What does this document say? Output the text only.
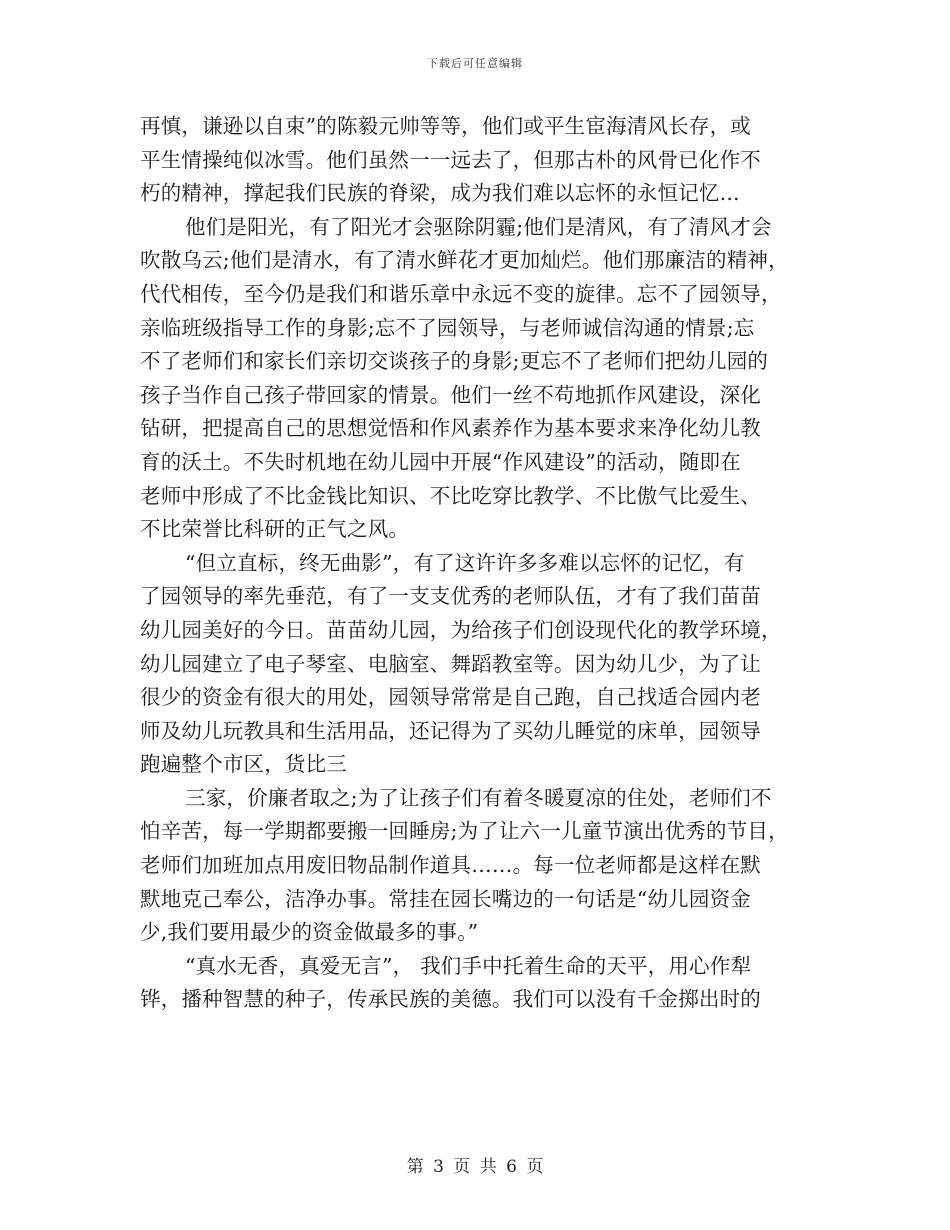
下载后可任意编辑
再慎，谦逊以自束”的陈毅元帅等等，他们或平生宦海清风长存，或
平生情操纯似冰雪。他们虽然一一远去了，但那古朴的风骨已化作不
朽的精神，撑起我们民族的脊梁，成为我们难以忘怀的永恒记忆...
他们是阳光，有了阳光才会驱除阴霾;他们是清风，有了清风才会
吹散乌云;他们是清水，有了清水鲜花才更加灿烂。他们那廉洁的精神，
代代相传，至今仍是我们和谐乐章中永远不变的旋律。忘不了园领导，
亲临班级指导工作的身影;忘不了园领导，与老师诚信沟通的情景;忘
不了老师们和家长们亲切交谈孩子的身影;更忘不了老师们把幼儿园的
孩子当作自己孩子带回家的情景。他们一丝不苟地抓作风建设，深化
钻研，把提高自己的思想觉悟和作风素养作为基本要求来净化幼儿教
育的沃土。不失时机地在幼儿园中开展“作风建设”的活动，随即在
老师中形成了不比金钱比知识、不比吃穿比教学、不比傲气比爱生、
不比荣誉比科研的正气之风。
“但立直标，终无曲影”，有了这许许多多难以忘怀的记忆，有
了园领导的率先垂范，有了一支支优秀的老师队伍，才有了我们苗苗
幼儿园美好的今日。苗苗幼儿园，为给孩子们创设现代化的教学环境，
幼儿园建立了电子琴室、电脑室、舞蹈教室等。因为幼儿少，为了让
很少的资金有很大的用处，园领导常常是自己跑，自己找适合园内老
师及幼儿玩教具和生活用品，还记得为了买幼儿睡觉的床单，园领导
跑遍整个市区，货比三
三家，价廉者取之;为了让孩子们有着冬暖夏凉的住处，老师们不
怕辛苦，每一学期都要搬一回睡房;为了让六一儿童节演出优秀的节目，
老师们加班加点用废旧物品制作道具……。每一位老师都是这样在默
默地克己奉公，洁净办事。常挂在园长嘴边的一句话是“幼儿园资金
少,我们要用最少的资金做最多的事。”
“真水无香，真爱无言”， 我们手中托着生命的天平，用心作犁
铧，播种智慧的种子，传承民族的美德。我们可以没有千金掷出时的
第 3 页 共 6 页
